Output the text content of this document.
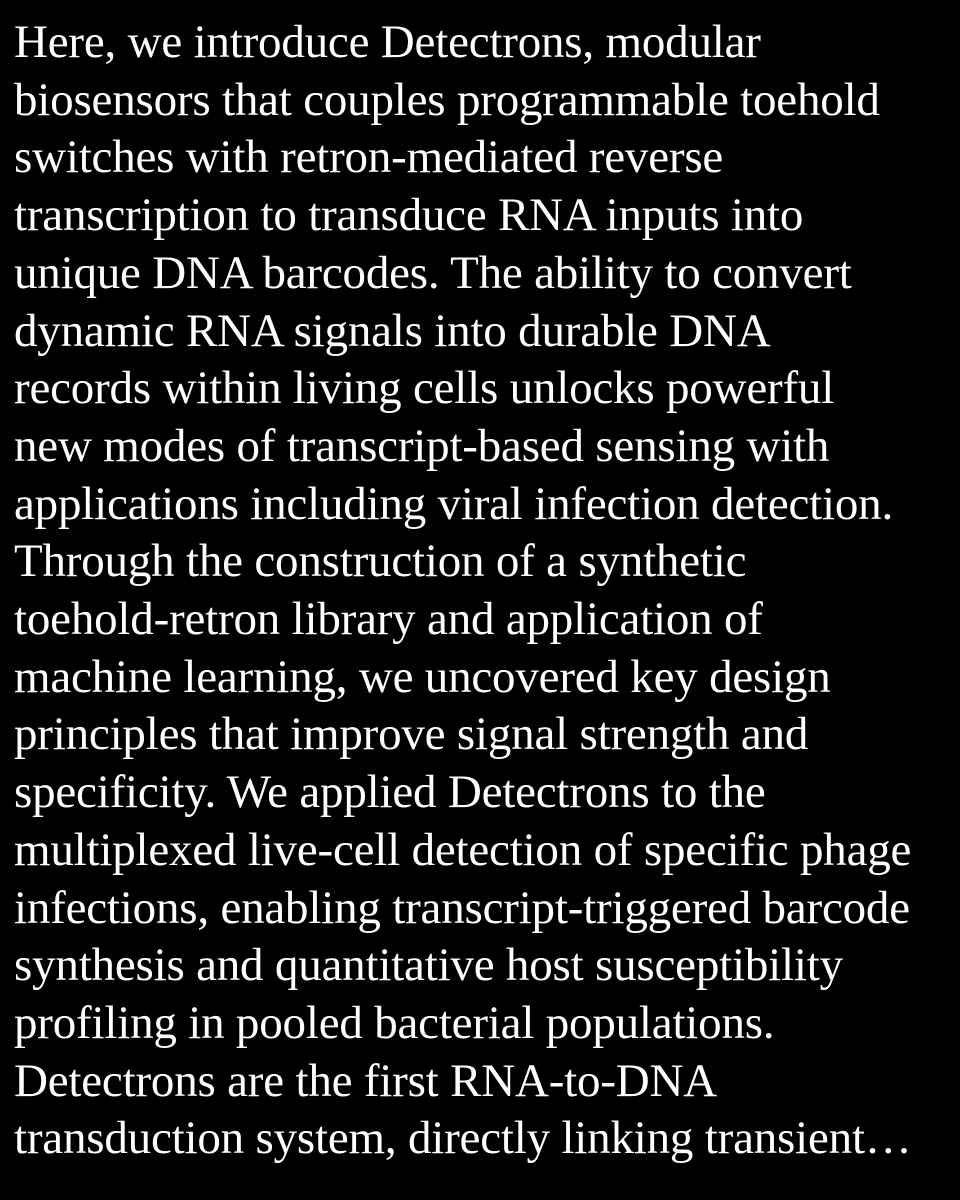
Here, we introduce Detectrons, modular
biosensors that couples programmable toehold
switches with retron-mediated reverse
transcription to transduce RNA inputs into
unique DNA barcodes. The ability to convert
dynamic RNA signals into durable DNA
records within living cells unlocks powerful
new modes of transcript-based sensing with
applications including viral infection detection.
Through the construction of a synthetic
toehold-retron library and application of
machine learning, we uncovered key design
principles that improve signal strength and
specificity. We applied Detectrons to the
multiplexed live-cell detection of specific phage
infections, enabling transcript-triggered barcode
synthesis and quantitative host susceptibility
profiling in pooled bacterial populations.
Detectrons are the first RNA-to-DNA
transduction system, directly linking transient…
